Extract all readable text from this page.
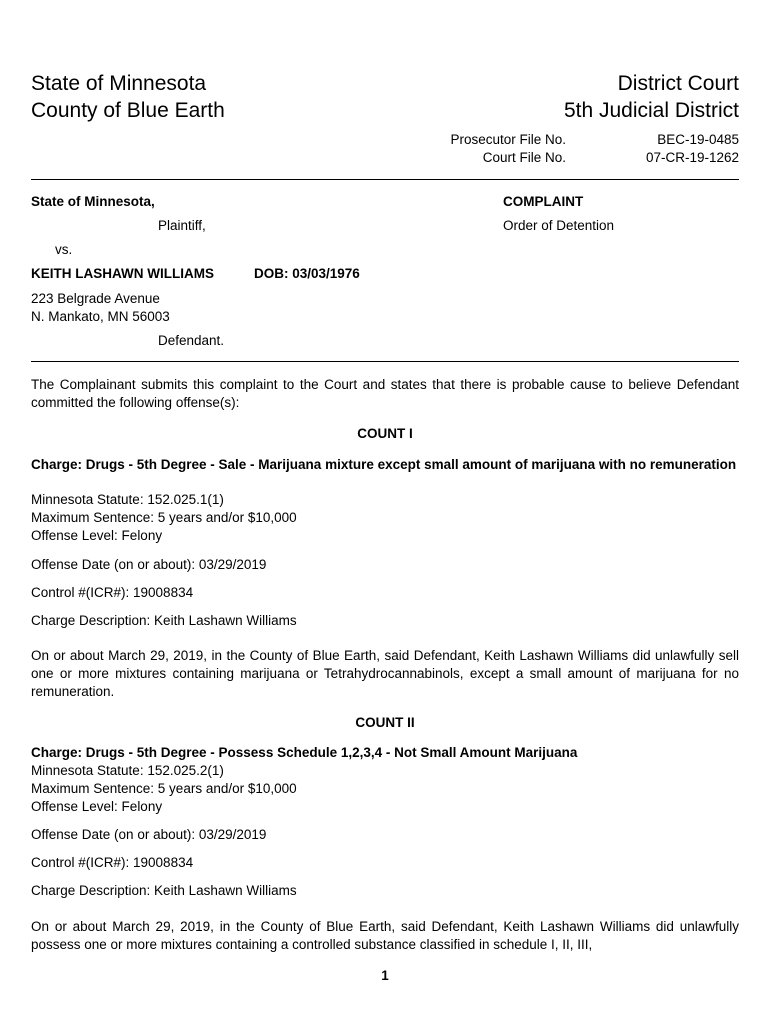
State of Minnesota
County of Blue Earth
District Court
5th Judicial District
Prosecutor File No.	BEC-19-0485
Court File No.	07-CR-19-1262
State of Minnesota,
Plaintiff,
vs.
KEITH LASHAWN WILLIAMS	DOB: 03/03/1976
223 Belgrade Avenue
N. Mankato, MN 56003
Defendant.
COMPLAINT
Order of Detention
The Complainant submits this complaint to the Court and states that there is probable cause to believe Defendant committed the following offense(s):
COUNT I
Charge: Drugs - 5th Degree - Sale - Marijuana mixture except small amount of marijuana with no remuneration
Minnesota Statute: 152.025.1(1)
Maximum Sentence: 5 years and/or $10,000
Offense Level: Felony
Offense Date (on or about): 03/29/2019
Control #(ICR#): 19008834
Charge Description: Keith Lashawn Williams
On or about March 29, 2019, in the County of Blue Earth, said Defendant, Keith Lashawn Williams did unlawfully sell one or more mixtures containing marijuana or Tetrahydrocannabinols, except a small amount of marijuana for no remuneration.
COUNT II
Charge: Drugs - 5th Degree - Possess Schedule 1,2,3,4 - Not Small Amount Marijuana
Minnesota Statute: 152.025.2(1)
Maximum Sentence: 5 years and/or $10,000
Offense Level: Felony
Offense Date (on or about): 03/29/2019
Control #(ICR#): 19008834
Charge Description: Keith Lashawn Williams
On or about March 29, 2019, in the County of Blue Earth, said Defendant, Keith Lashawn Williams did unlawfully possess one or more mixtures containing a controlled substance classified in schedule I, II, III,
1
